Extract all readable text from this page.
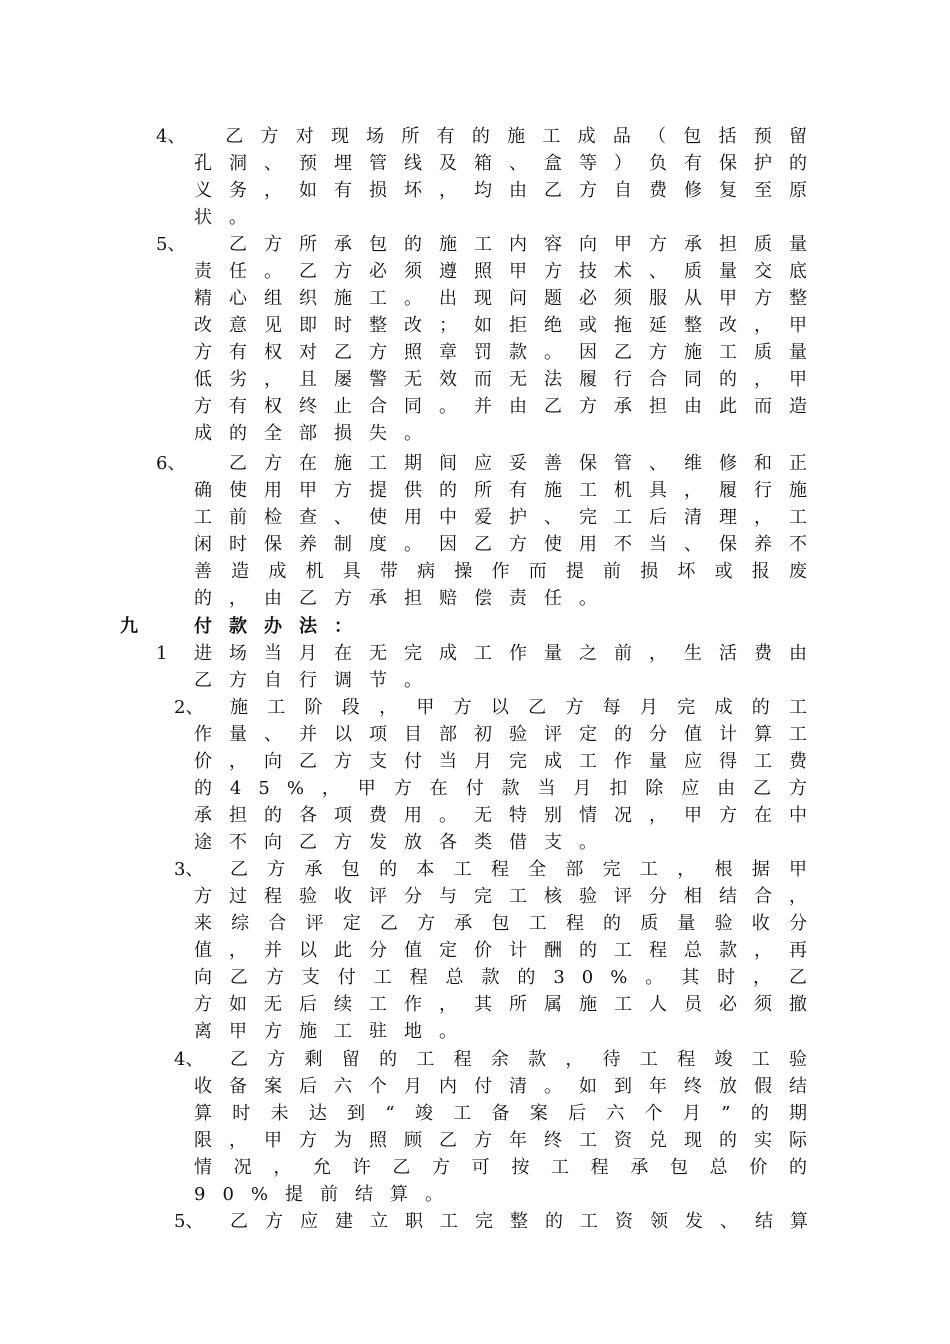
4、 　乙方对现场所有的施工成品（包括预留孔洞、预埋管线及箱、盒等）负有保护的义务，如有损坏，均由乙方自费修复至原状。
5、 　乙方所承包的施工内容向甲方承担质量责任。乙方必须遵照甲方技术、质量交底精心组织施工。出现问题必须服从甲方整改意见即时整改；如拒绝或拖延整改，甲方有权对乙方照章罚款。因乙方施工质量低劣，且屡警无效而无法履行合同的，甲方有权终止合同。并由乙方承担由此而造成的全部损失。
6、 　乙方在施工期间应妥善保管、维修和正确使用甲方提供的所有施工机具，履行施工前检查、使用中爱护、完工后清理，工闲时保养制度。因乙方使用不当、保养不善造成机具带病操作而提前损坏或报废的，由乙方承担赔偿责任。
九	付款办法：
1 进场当月在无完成工作量之前，生活费由乙方自行调节。
2、	施工阶段，甲方以乙方每月完成的工作量、并以项目部初验评定的分值计算工价，向乙方支付当月完成工作量应得工费的45%，甲方在付款当月扣除应由乙方承担的各项费用。无特别情况，甲方在中途不向乙方发放各类借支。
3、	乙方承包的本工程全部完工，根据甲方过程验收评分与完工核验评分相结合，来综合评定乙方承包工程的质量验收分值，并以此分值定价计酬的工程总款，再向乙方支付工程总款的30%。其时，乙方如无后续工作，其所属施工人员必须撤离甲方施工驻地。
4、	乙方剩留的工程余款，待工程竣工验收备案后六个月内付清。如到年终放假结算时未达到“竣工备案后六个月”的期限，甲方为照顾乙方年终工资兑现的实际情况，允许乙方可按工程承包总价的90%提前结算。
5、	乙方应建立职工完整的工资领发、结算
